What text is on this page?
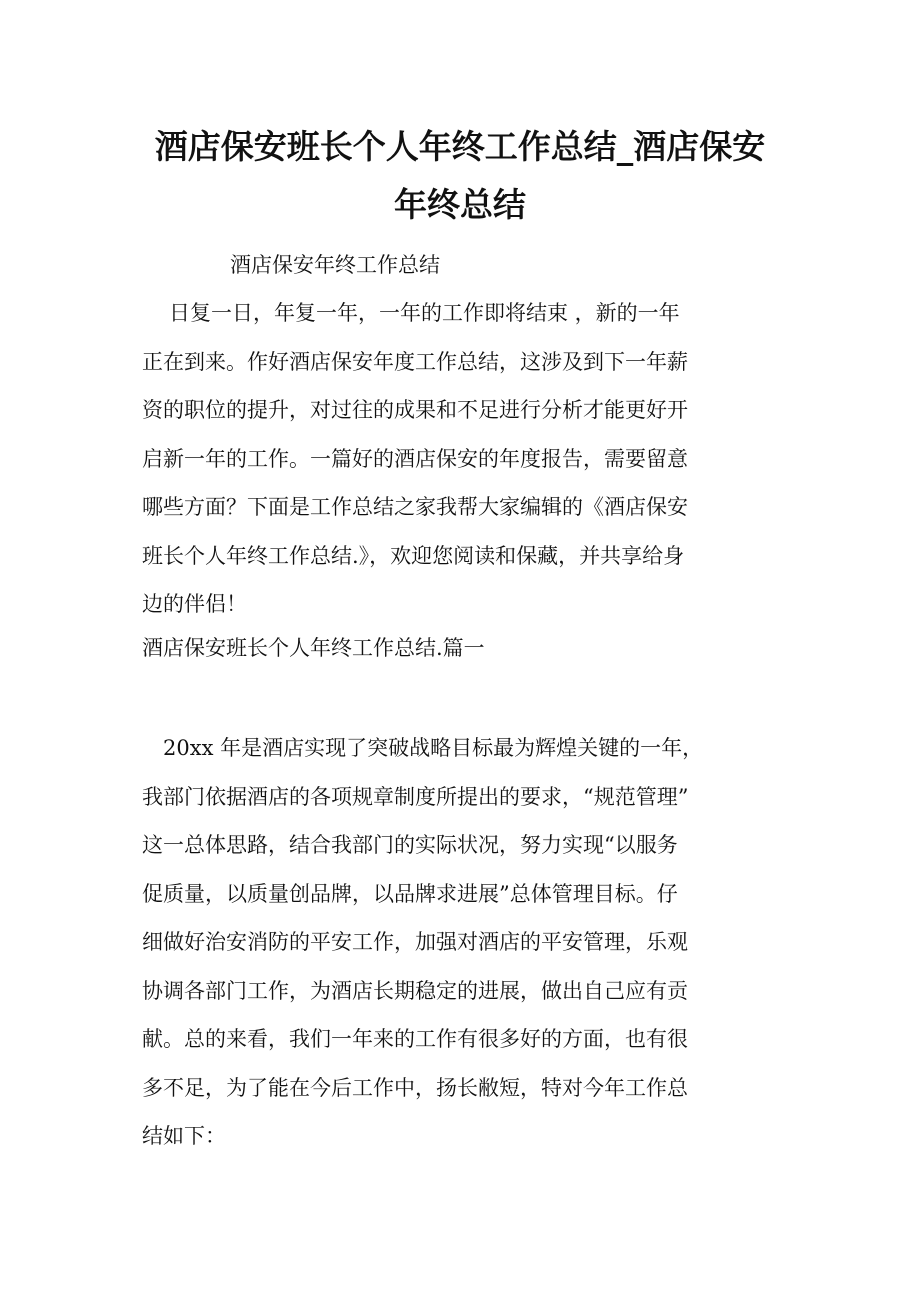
酒店保安班长个人年终工作总结_酒店保安
年终总结

酒店保安年终工作总结

日复一日，年复一年，一年的工作即将结束 ，新的一年
正在到来。作好酒店保安年度工作总结，这涉及到下一年薪
资的职位的提升，对过往的成果和不足进行分析才能更好开
启新一年的工作。一篇好的酒店保安的年度报告，需要留意
哪些方面？下面是工作总结之家我帮大家编辑的《酒店保安
班长个人年终工作总结.》，欢迎您阅读和保藏，并共享给身
边的伴侣！

酒店保安班长个人年终工作总结.篇一

20xx 年是酒店实现了突破战略目标最为辉煌关键的一年，
我部门依据酒店的各项规章制度所提出的要求，“规范管理”
这一总体思路，结合我部门的实际状况，努力实现“以服务
促质量，以质量创品牌，以品牌求进展”总体管理目标。仔
细做好治安消防的平安工作，加强对酒店的平安管理，乐观
协调各部门工作，为酒店长期稳定的进展，做出自己应有贡
献。总的来看，我们一年来的工作有很多好的方面，也有很
多不足，为了能在今后工作中，扬长敝短，特对今年工作总
结如下：
